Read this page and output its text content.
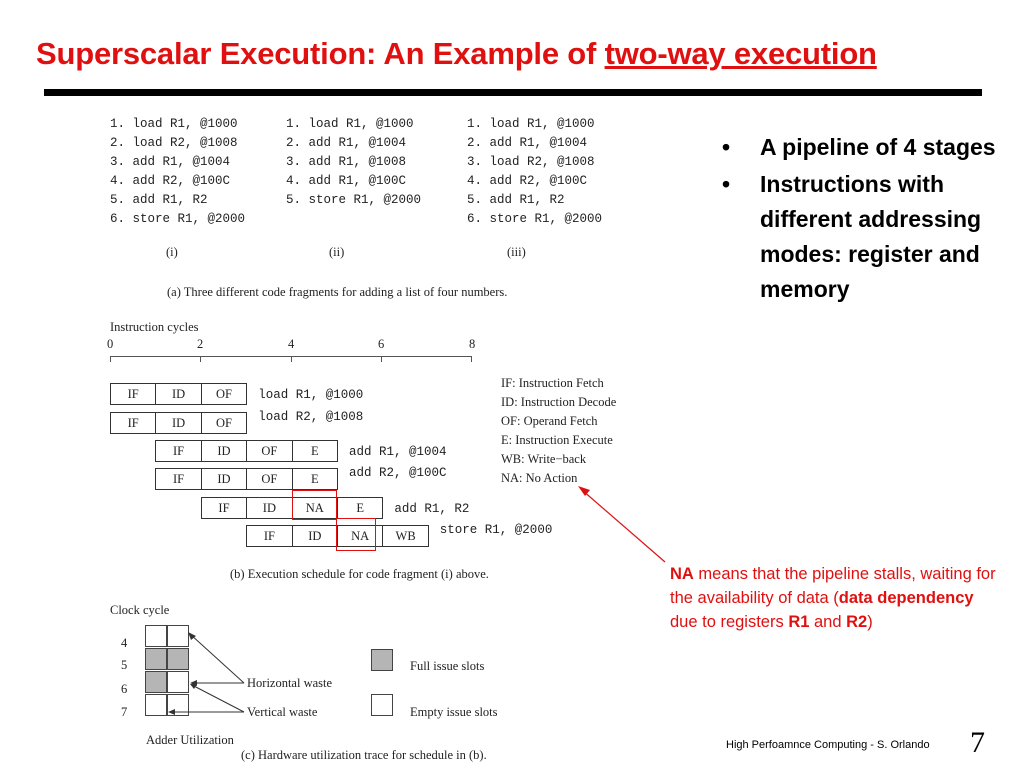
Superscalar Execution: An Example of two-way execution
1. load R1, @1000
2. load R2, @1008
3. add R1, @1004
4. add R2, @100C
5. add R1, R2
6. store R1, @2000
1. load R1, @1000
2. add R1, @1004
3. add R1, @1008
4. add R1, @100C
5. store R1, @2000
1. load R1, @1000
2. add R1, @1004
3. load R2, @1008
4. add R2, @100C
5. add R1, R2
6. store R1, @2000
(i)	(ii)	(iii)
(a) Three different code fragments for adding a list of four numbers.
Instruction cycles
0	2	4	6	8
IF	ID	OF	load R1, @1000
IF	ID	OF	load R2, @1008
IF	ID	OF	E	add R1, @1004
IF	ID	OF	E	add R2, @100C
IF	ID	NA	E	add R1, R2
IF	ID	NA	WB	store R1, @2000
IF: Instruction Fetch
ID: Instruction Decode
OF: Operand Fetch
E: Instruction Execute
WB: Write−back
NA: No Action
(b) Execution schedule for code fragment (i) above.
Clock cycle
4
5
6
7
Horizontal waste
Vertical waste
Full issue slots
Empty issue slots
Adder Utilization
(c) Hardware utilization trace for schedule in (b).
• A pipeline of 4 stages
• Instructions with different addressing modes: register and memory
NA means that the pipeline stalls, waiting for the availability of data (data dependency due to registers R1 and R2)
High Perfoamnce Computing - S. Orlando 7
